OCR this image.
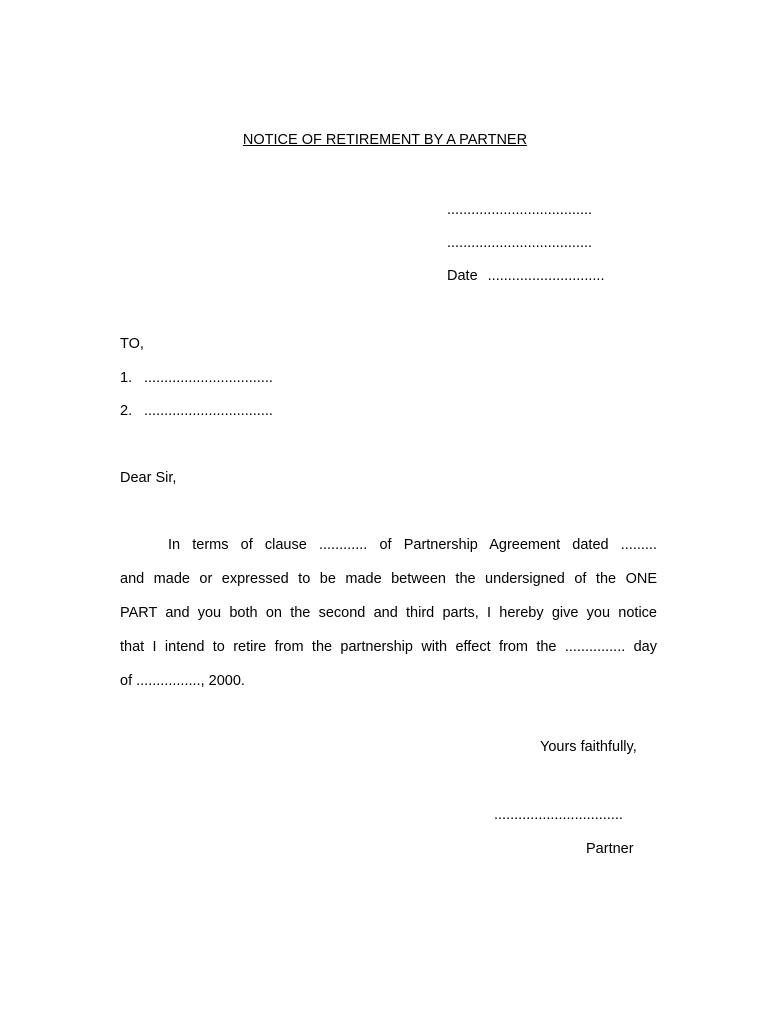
NOTICE OF RETIREMENT BY A PARTNER
....................................
....................................
Date .............................
TO,
1. ................................
2. ................................
Dear Sir,
In terms of clause ............ of Partnership Agreement dated .........
and made or expressed to be made between the undersigned of the ONE
PART and you both on the second and third parts, I hereby give you notice
that I intend to retire from the partnership with effect from the ............... day
of ................, 2000.
Yours faithfully,
................................
Partner
